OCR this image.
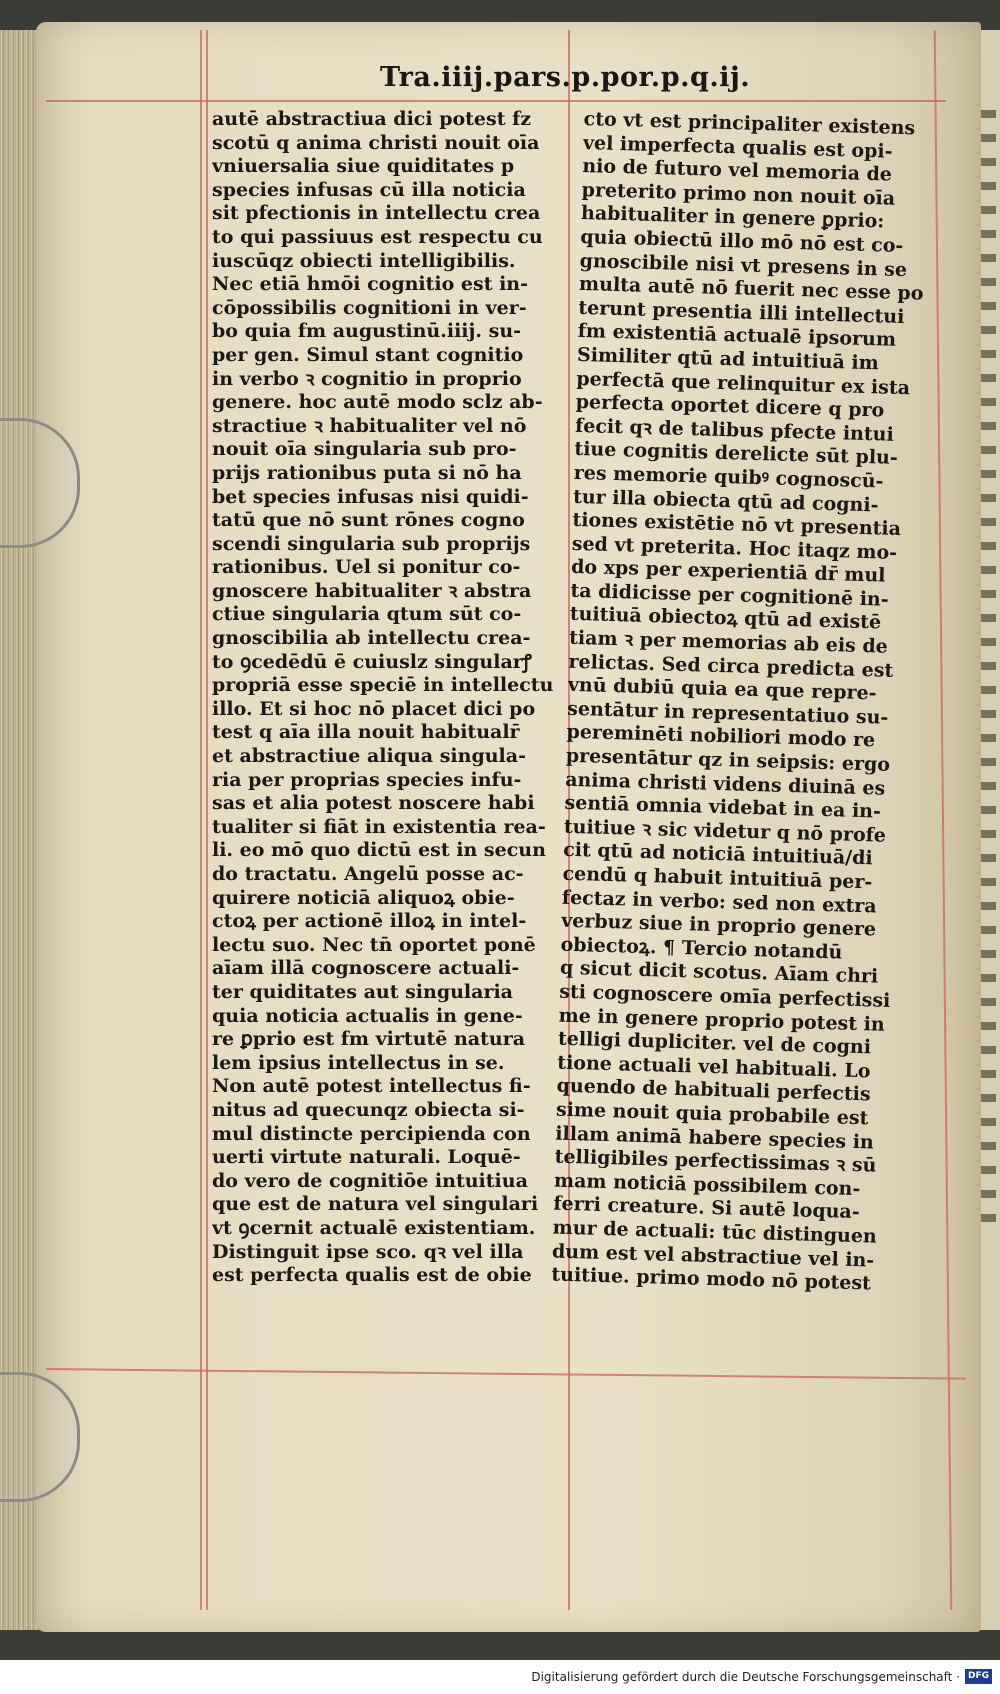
Tra.iiij.pars.p.por.p.q.ij.
autē abstractiua dici potest fz
scotū q anima christi nouit oīa
vniuersalia siue quiditates p
species infusas cū illa noticia
sit pfectionis in intellectu crea
to qui passiuus est respectu cu
iuscūqz obiecti intelligibilis.
Nec etiā hmōi cognitio est in-
cōpossibilis cognitioni in ver-
bo quia fm augustinū.iiij. su-
per gen. Simul stant cognitio
in verbo ꝛ cognitio in proprio
genere. hoc autē modo sclz ab-
stractiue ꝛ habitualiter vel nō
nouit oīa singularia sub pro-
prijs rationibus puta si nō ha
bet species infusas nisi quidi-
tatū que nō sunt rōnes cogno
scendi singularia sub proprijs
rationibus. Uel si ponitur co-
gnoscere habitualiter ꝛ abstra
ctiue singularia qtum sūt co-
gnoscibilia ab intellectu crea-
to ꝯcedēdū ē cuiuslz singularꝭ
propriā esse speciē in intellectu
illo. Et si hoc nō placet dici po
test q aīa illa nouit habitualr̄
et abstractiue aliqua singula-
ria per proprias species infu-
sas et alia potest noscere habi
tualiter si fiāt in existentia rea-
li. eo mō quo dictū est in secun
do tractatu. Angelū posse ac-
quirere noticiā aliquoꝝ obie-
ctoꝝ per actionē illoꝝ in intel-
lectu suo. Nec tn̄ oportet ponē
aīam illā cognoscere actuali-
ter quiditates aut singularia
quia noticia actualis in gene-
re ꝑprio est fm virtutē natura
lem ipsius intellectus in se.
Non autē potest intellectus fi-
nitus ad quecunqz obiecta si-
mul distincte percipienda con
uerti virtute naturali. Loquē-
do vero de cognitiōe intuitiua
que est de natura vel singulari
vt ꝯcernit actualē existentiam.
Distinguit ipse sco. qꝛ vel illa
est perfecta qualis est de obie
cto vt est principaliter existens
vel imperfecta qualis est opi-
nio de futuro vel memoria de
preterito primo non nouit oīa
habitualiter in genere ꝑprio:
quia obiectū illo mō nō est co-
gnoscibile nisi vt presens in se
multa autē nō fuerit nec esse po
terunt presentia illi intellectui
fm existentiā actualē ipsorum
Similiter qtū ad intuitiuā im
perfectā que relinquitur ex ista
perfecta oportet dicere q pro
fecit qꝛ de talibus pfecte intui
tiue cognitis derelicte sūt plu-
res memorie quibꝰ cognoscū-
tur illa obiecta qtū ad cogni-
tiones existētie nō vt presentia
sed vt preterita. Hoc itaqz mo-
do xps per experientiā dr̄ mul
ta didicisse per cognitionē in-
tuitiuā obiectoꝝ qtū ad existē
tiam ꝛ per memorias ab eis de
relictas. Sed circa predicta est
vnū dubiū quia ea que repre-
sentātur in representatiuo su-
pereminēti nobiliori modo re
presentātur qz in seipsis: ergo
anima christi videns diuinā es
sentiā omnia videbat in ea in-
tuitiue ꝛ sic videtur q nō profe
cit qtū ad noticiā intuitiuā/di
cendū q habuit intuitiuā per-
fectaz in verbo: sed non extra
verbuz siue in proprio genere
obiectoꝝ. ¶ Tercio notandū
q sicut dicit scotus. Aīam chri
sti cognoscere omīa perfectissi
me in genere proprio potest in
telligi dupliciter. vel de cogni
tione actuali vel habituali. Lo
quendo de habituali perfectis
sime nouit quia probabile est
illam animā habere species in
telligibiles perfectissimas ꝛ sū
mam noticiā possibilem con-
ferri creature. Si autē loqua-
mur de actuali: tūc distinguen
dum est vel abstractiue vel in-
tuitiue. primo modo nō potest
Digitalisierung gefördert durch die Deutsche Forschungsgemeinschaft · DFG
